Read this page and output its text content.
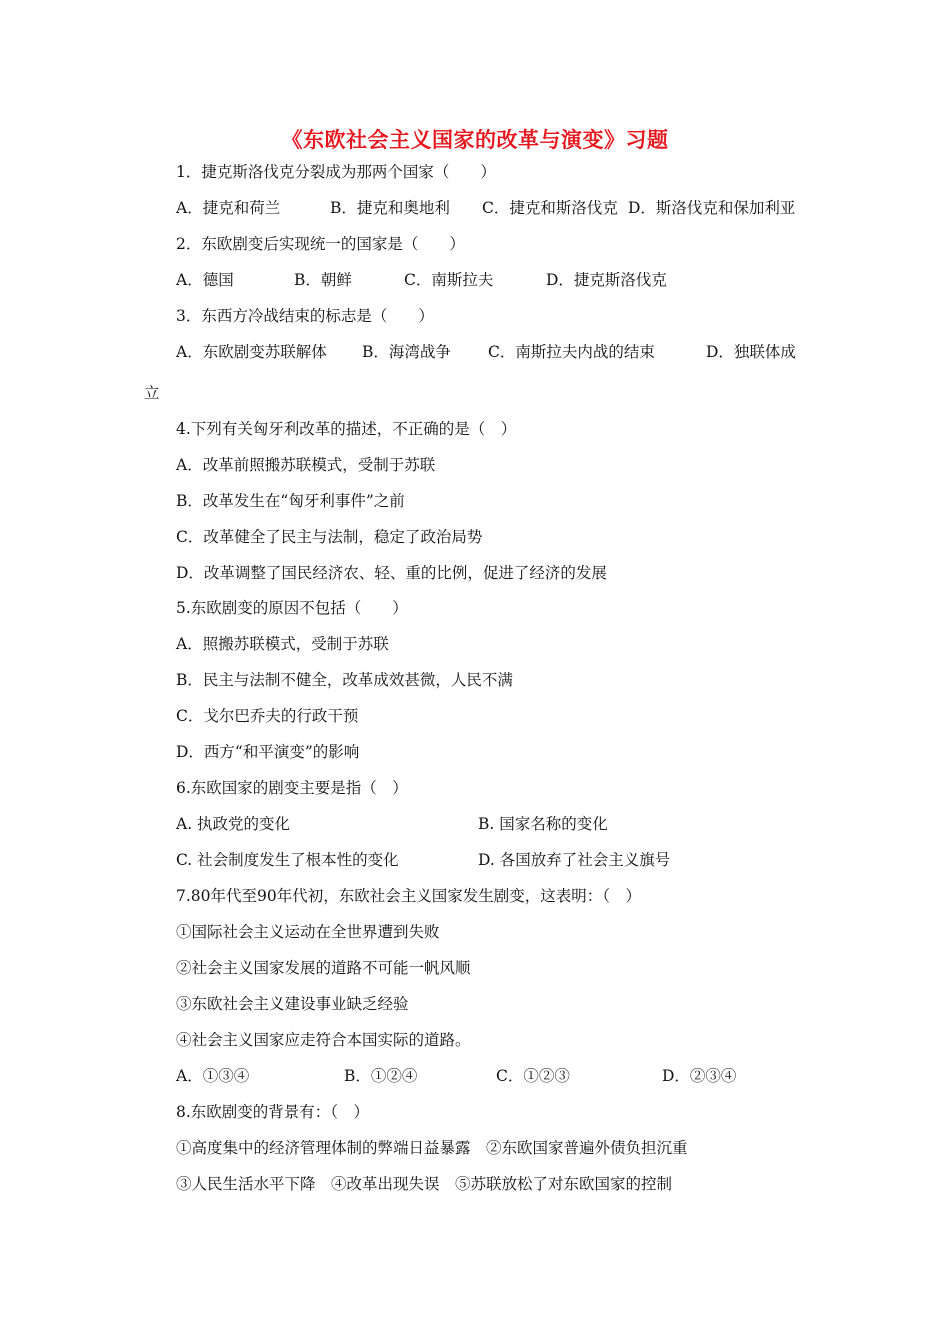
《东欧社会主义国家的改革与演变》习题
1．捷克斯洛伐克分裂成为那两个国家（　　）
A．捷克和荷兰	B．捷克和奥地利 C．捷克和斯洛伐克 D．斯洛伐克和保加利亚
2．东欧剧变后实现统一的国家是（　　）
A．德国	B．朝鲜	C．南斯拉夫	D．捷克斯洛伐克
3．东西方冷战结束的标志是（　　）
A．东欧剧变苏联解体 B．海湾战争 C．南斯拉夫内战的结束	D．独联体成
立
4.下列有关匈牙利改革的描述，不正确的是（　）
A．改革前照搬苏联模式，受制于苏联
B．改革发生在“匈牙利事件”之前
C．改革健全了民主与法制，稳定了政治局势
D．改革调整了国民经济农、轻、重的比例，促进了经济的发展
5.东欧剧变的原因不包括（　　）
A．照搬苏联模式，受制于苏联
B．民主与法制不健全，改革成效甚微，人民不满
C．戈尔巴乔夫的行政干预
D．西方“和平演变”的影响
6.东欧国家的剧变主要是指（　）
A. 执政党的变化	B. 国家名称的变化
C. 社会制度发生了根本性的变化	D. 各国放弃了社会主义旗号
7.80年代至90年代初，东欧社会主义国家发生剧变，这表明：（　）
①国际社会主义运动在全世界遭到失败
②社会主义国家发展的道路不可能一帆风顺
③东欧社会主义建设事业缺乏经验
④社会主义国家应走符合本国实际的道路。
A．①③④	B．①②④	C．①②③	D．②③④
8.东欧剧变的背景有：（　）
①高度集中的经济管理体制的弊端日益暴露　②东欧国家普遍外债负担沉重
③人民生活水平下降　④改革出现失误　⑤苏联放松了对东欧国家的控制
